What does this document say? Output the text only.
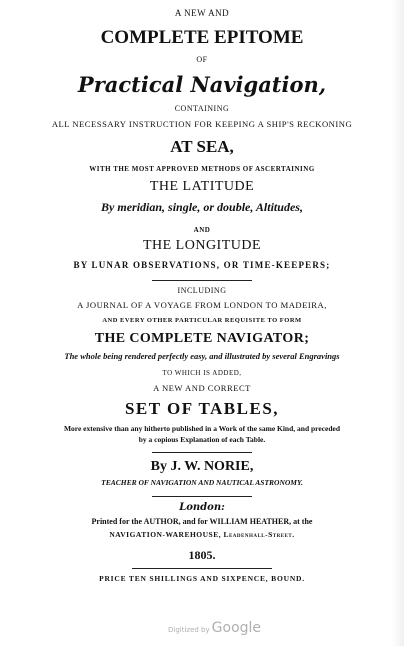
A NEW AND
COMPLETE EPITOME
OF
Practical Navigation,
CONTAINING
ALL NECESSARY INSTRUCTION FOR KEEPING A SHIP'S RECKONING
AT SEA,
WITH THE MOST APPROVED METHODS OF ASCERTAINING
THE LATITUDE
By meridian, single, or double, Altitudes,
AND
THE LONGITUDE
BY LUNAR OBSERVATIONS, OR TIME-KEEPERS;
INCLUDING
A JOURNAL OF A VOYAGE FROM LONDON TO MADEIRA,
AND EVERY OTHER PARTICULAR REQUISITE TO FORM
THE COMPLETE NAVIGATOR;
The whole being rendered perfectly easy, and illustrated by several Engravings
TO WHICH IS ADDED,
A NEW AND CORRECT
SET OF TABLES,
More extensive than any hitherto published in a Work of the same Kind, and preceded
by a copious Explanation of each Table.
By J. W. NORIE,
TEACHER OF NAVIGATION AND NAUTICAL ASTRONOMY.
London:
Printed for the AUTHOR, and for WILLIAM HEATHER, at the
NAVIGATION-WAREHOUSE, Leadenhall-Street.
1805.
PRICE TEN SHILLINGS AND SIXPENCE, BOUND.
Digitized by Google
